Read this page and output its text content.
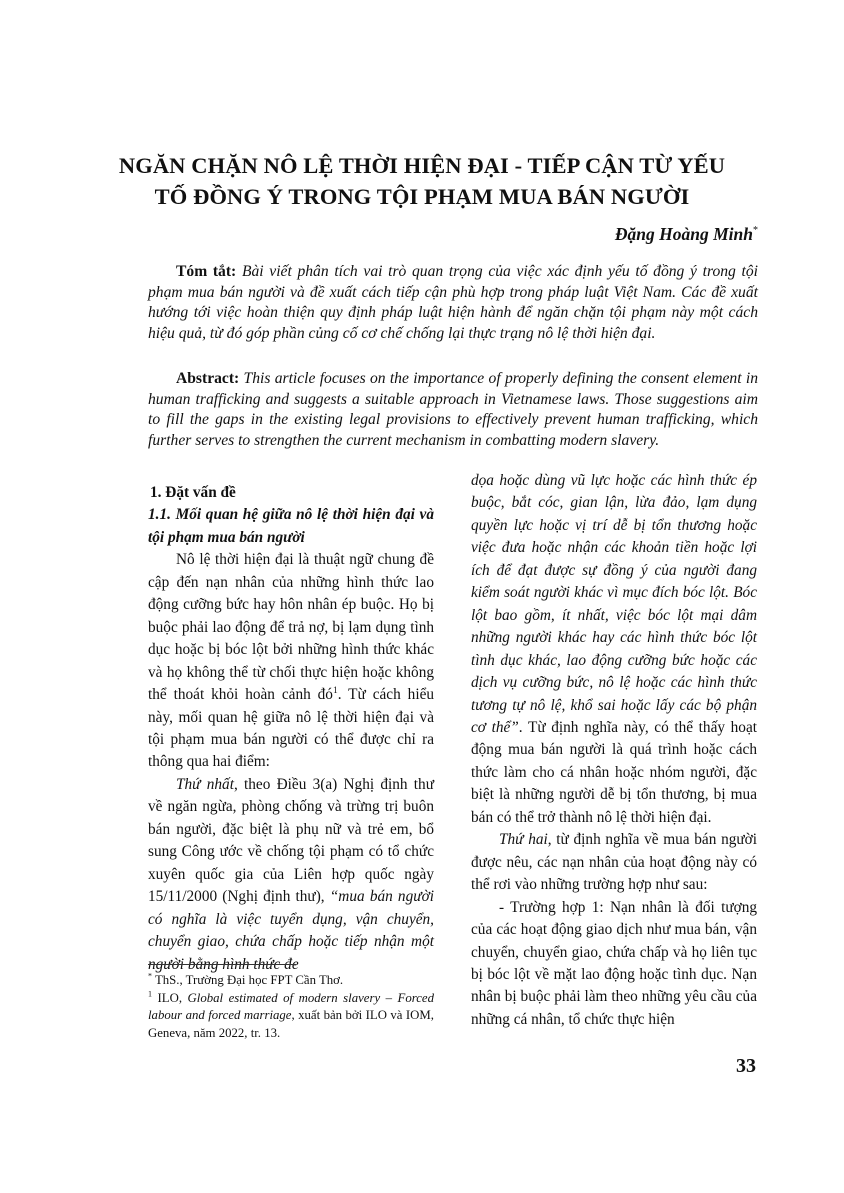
NGĂN CHẶN NÔ LỆ THỜI HIỆN ĐẠI - TIẾP CẬN TỪ YẾU
TỐ ĐỒNG Ý TRONG TỘI PHẠM MUA BÁN NGƯỜI
Đặng Hoàng Minh*
Tóm tắt: Bài viết phân tích vai trò quan trọng của việc xác định yếu tố đồng ý trong tội phạm mua bán người và đề xuất cách tiếp cận phù hợp trong pháp luật Việt Nam. Các đề xuất hướng tới việc hoàn thiện quy định pháp luật hiện hành để ngăn chặn tội phạm này một cách hiệu quả, từ đó góp phần củng cố cơ chế chống lại thực trạng nô lệ thời hiện đại.
Abstract: This article focuses on the importance of properly defining the consent element in human trafficking and suggests a suitable approach in Vietnamese laws. Those suggestions aim to fill the gaps in the existing legal provisions to effectively prevent human trafficking, which further serves to strengthen the current mechanism in combatting modern slavery.

1. Đặt vấn đề

1.1. Mối quan hệ giữa nô lệ thời hiện đại và tội phạm mua bán người

Nô lệ thời hiện đại là thuật ngữ chung đề cập đến nạn nhân của những hình thức lao động cưỡng bức hay hôn nhân ép buộc. Họ bị buộc phải lao động để trả nợ, bị lạm dụng tình dục hoặc bị bóc lột bởi những hình thức khác và họ không thể từ chối thực hiện hoặc không thể thoát khỏi hoàn cảnh đó$^1$. Từ cách hiểu này, mối quan hệ giữa nô lệ thời hiện đại và tội phạm mua bán người có thể được chỉ ra thông qua hai điểm:

Thứ nhất, theo Điều 3(a) Nghị định thư về ngăn ngừa, phòng chống và trừng trị buôn bán người, đặc biệt là phụ nữ và trẻ em, bổ sung Công ước về chống tội phạm có tổ chức xuyên quốc gia của Liên hợp quốc ngày 15/11/2000 (Nghị định thư), “mua bán người có nghĩa là việc tuyển dụng, vận chuyển, chuyển giao, chứa chấp hoặc tiếp nhận một người bằng hình thức đe

dọa hoặc dùng vũ lực hoặc các hình thức ép buộc, bắt cóc, gian lận, lừa đảo, lạm dụng quyền lực hoặc vị trí dễ bị tổn thương hoặc việc đưa hoặc nhận các khoản tiền hoặc lợi ích để đạt được sự đồng ý của người đang kiểm soát người khác vì mục đích bóc lột. Bóc lột bao gồm, ít nhất, việc bóc lột mại dâm những người khác hay các hình thức bóc lột tình dục khác, lao động cưỡng bức hoặc các dịch vụ cưỡng bức, nô lệ hoặc các hình thức tương tự nô lệ, khổ sai hoặc lấy các bộ phận cơ thể”. Từ định nghĩa này, có thể thấy hoạt động mua bán người là quá trình hoặc cách thức làm cho cá nhân hoặc nhóm người, đặc biệt là những người dễ bị tổn thương, bị mua bán có thể trở thành nô lệ thời hiện đại.

Thứ hai, từ định nghĩa về mua bán người được nêu, các nạn nhân của hoạt động này có thể rơi vào những trường hợp như sau:

- Trường hợp 1: Nạn nhân là đối tượng của các hoạt động giao dịch như mua bán, vận chuyển, chuyển giao, chứa chấp và họ liên tục bị bóc lột về mặt lao động hoặc tình dục. Nạn nhân bị buộc phải làm theo những yêu cầu của những cá nhân, tổ chức thực hiện

* ThS., Trường Đại học FPT Cần Thơ.

$^1$ ILO, Global estimated of modern slavery – Forced labour and forced marriage, xuất bản bởi ILO và IOM, Geneva, năm 2022, tr. 13.

33
